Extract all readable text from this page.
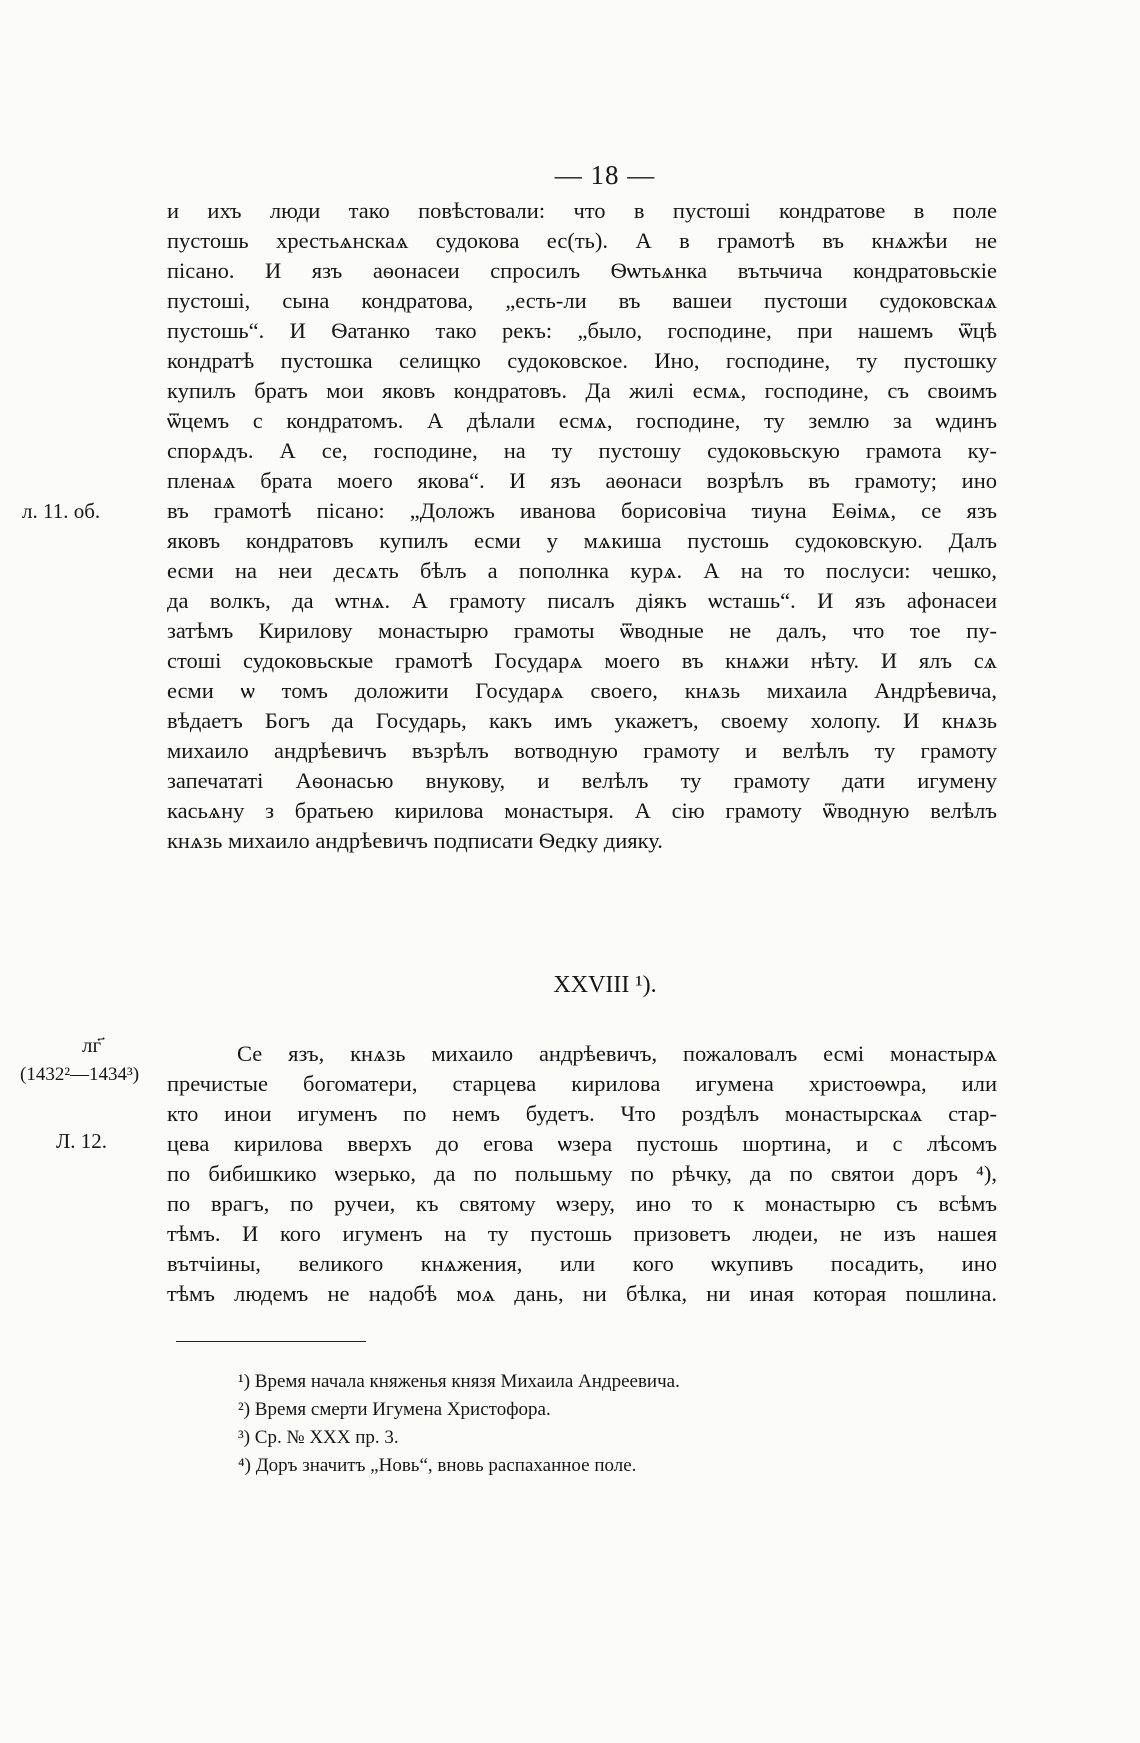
— 18 —
и ихъ люди тако повѣстовали: что в пустошi кондратове в поле
пустошь хрестьѧнскаѧ судокова ес(ть). А в грамотѣ въ кнѧжѣи не
пiсано. И язъ аѳонасеи спросилъ Ѳѡтьѧнка вътьчича кондратовьскiе
пустошi, сына кондратова, „есть-ли въ вашеи пустоши судоковскаѧ
пустошь“. И Ѳатанко тако рекъ: „было, господине, при нашемъ ѿцѣ
кондратѣ пустошка селищко судоковское. Ино, господине, ту пустошку
купилъ братъ мои яковъ кондратовъ. Да жилi есмѧ, господине, съ своимъ
ѿцемъ с кондратомъ. А дѣлали есмѧ, господине, ту землю за ѡдинъ
спорѧдъ. А се, господине, на ту пустошу судоковьскую грамота ку-
пленаѧ брата моего якова“. И язъ аѳонаси возрѣлъ въ грамоту; ино
въ грамотѣ пiсано: „Доложъ иванова борисовiча тиуна Еѳiмѧ, се язъ
яковъ кондратовъ купилъ есми у мѧкиша пустошь судоковскую. Далъ
есми на неи десѧть бѣлъ а пополнка курѧ. А на то послуси: чешко,
да волкъ, да ѡтнѧ. А грамоту писалъ дiякъ ѡсташь“. И язъ афонасеи
затѣмъ Кирилову монастырю грамоты ѿводные не далъ, что тое пу-
стошi судоковьскые грамотѣ Государѧ моего въ кнѧжи нѣту. И ялъ сѧ
есми ѡ томъ доложити Государѧ своего, кнѧзь михаила Андрѣевича,
вѣдаетъ Богъ да Государь, какъ имъ укажетъ, своему холопу. И кнѧзь
михаило андрѣевичъ възрѣлъ вотводную грамоту и велѣлъ ту грамоту
запечататi Аѳонасью внукову, и велѣлъ ту грамоту дати игумену
касьѧну з братьею кирилова монастыря. А сiю грамоту ѿводную велѣлъ
кнѧзь михаило андрѣевичъ подписати Ѳедку дияку.
л. 11. об.
XXVIII ¹).
лг҃
(1432²—1434³)
Л. 12.
Се язъ, кнѧзь михаило андрѣевичъ, пожаловалъ есмi монастырѧ
пречистые богоматери, старцева кирилова игумена христоѳѡра, или
кто инои игуменъ по немъ будетъ. Что роздѣлъ монастырскаѧ стар-
цева кирилова вверхъ до егова ѡзера пустошь шортина, и с лѣсомъ
по бибишкико ѡзерько, да по польшьму по рѣчку, да по святои доръ ⁴),
по врагъ, по ручеи, къ святому ѡзеру, ино то к монастырю съ всѣмъ
тѣмъ. И кого игуменъ на ту пустошь призоветъ людеи, не изъ нашея
вътчiины, великого кнѧжения, или кого ѡкупивъ посадить, ино
тѣмъ людемъ не надобѣ моѧ дань, ни бѣлка, ни иная которая пошлина.
¹) Время начала княженья князя Михаила Андреевича.
²) Время смерти Игумена Христофора.
³) Ср. № XXX пр. 3.
⁴) Доръ значитъ „Новь“, вновь распаханное поле.
